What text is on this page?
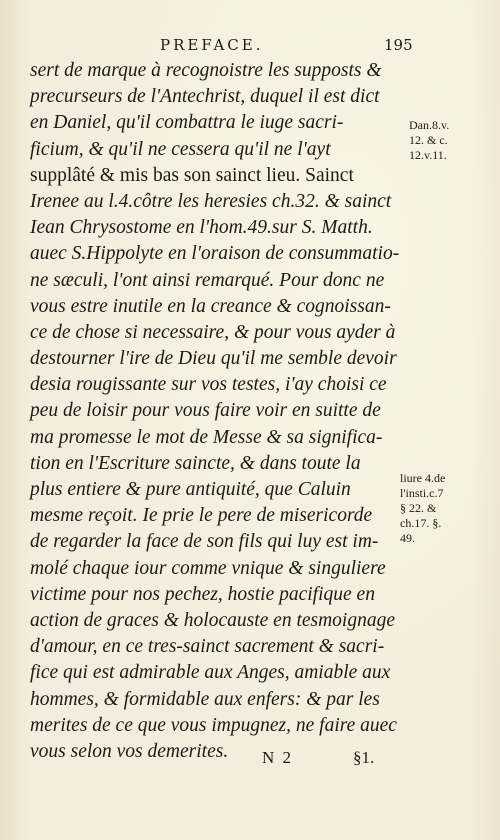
PREFACE.	195
sert de marque à recognoistre les supposts &
precurseurs de l'Antechrist, duquel il est dict
en Daniel, qu'il combattra le iuge sacri-
ficium, & qu'il ne cessera qu'il ne l'ayt
supplâté & mis bas son sainct lieu. Sainct
Irenee au l.4.côtre les heresies ch.32. & sainct
Iean Chrysostome en l'hom.49.sur S. Matth.
auec S.Hippolyte en l'oraison de consummatio-
ne sæculi, l'ont ainsi remarqué. Pour donc ne
vous estre inutile en la creance & cognoissan-
ce de chose si necessaire, & pour vous ayder à
destourner l'ire de Dieu qu'il me semble devoir
desia rougissante sur vos testes, i'ay choisi ce
peu de loisir pour vous faire voir en suitte de
ma promesse le mot de Messe & sa significa-
tion en l'Escriture saincte, & dans toute la
plus entiere & pure antiquité, que Caluin
mesme reçoit. Ie prie le pere de misericorde
de regarder la face de son fils qui luy est im-
molé chaque iour comme vnique & singuliere
victime pour nos pechez, hostie pacifique en
action de graces & holocauste en tesmoignage
d'amour, en ce tres-sainct sacrement & sacri-
fice qui est admirable aux Anges, amiable aux
hommes, & formidable aux enfers: & par les
merites de ce que vous impugnez, ne faire auec
vous selon vos demerites.
Dan.8.v.
12. & c.
12.v.11.
liure 4.de
l'insti.c.7
§ 22. &
ch.17. §.
49.
N 2	§1.
